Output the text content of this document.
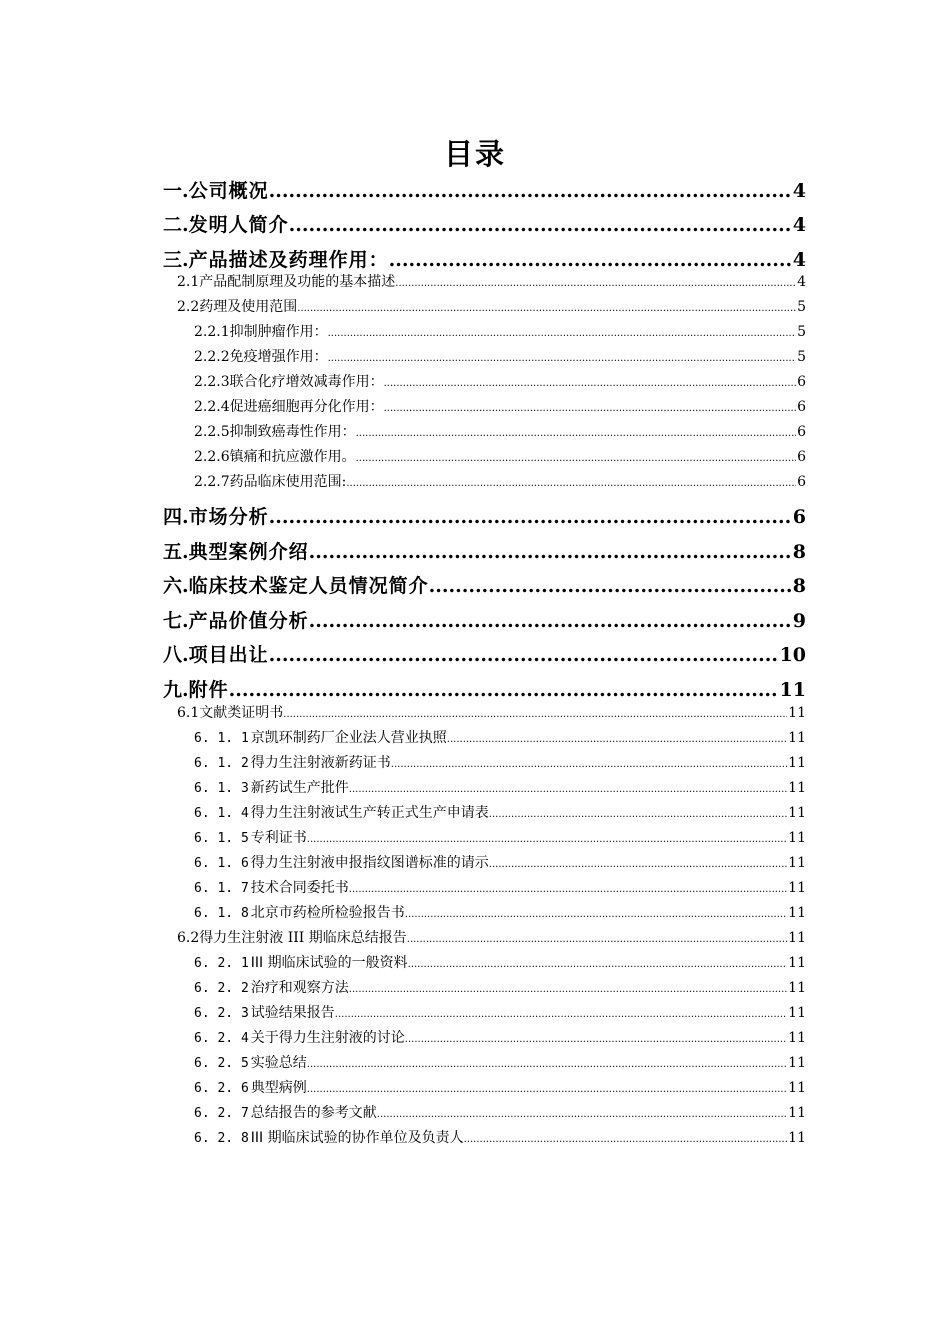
目录
一. 公司概况 .....	4
二. 发明人简介 .....	4
三. 产品描述及药理作用： .....	4
2.1 产品配制原理及功能的基本描述 .....	4
2.2 药理及使用范围 .....	5
2.2.1 抑制肿瘤作用： .....	5
2.2.2 免疫增强作用： .....	5
2.2.3 联合化疗增效减毒作用： .....	6
2.2.4 促进癌细胞再分化作用： .....	6
2.2.5 抑制致癌毒性作用： .....	6
2.2.6 镇痛和抗应激作用。 .....	6
2.2.7 药品临床使用范围: .....	6
四. 市场分析 .....	6
五. 典型案例介绍 .....	8
六. 临床技术鉴定人员情况简介 .....	8
七. 产品价值分析 .....	9
八. 项目出让 .....	10
九. 附件 .....	11
6.1 文献类证明书 .....	11
6. 1. 1 京凯环制药厂企业法人营业执照 .....	11
6. 1. 2 得力生注射液新药证书 .....	11
6. 1. 3 新药试生产批件 .....	11
6. 1. 4 得力生注射液试生产转正式生产申请表 .....	11
6. 1. 5 专利证书 .....	11
6. 1. 6 得力生注射液申报指纹图谱标准的请示 .....	11
6. 1. 7 技术合同委托书 .....	11
6. 1. 8 北京市药检所检验报告书 .....	11
6.2 得力生注射液 III 期临床总结报告 .....	11
6. 2. 1 III 期临床试验的一般资料 .....	11
6. 2. 2 治疗和观察方法 .....	11
6. 2. 3 试验结果报告 .....	11
6. 2. 4 关于得力生注射液的讨论 .....	11
6. 2. 5 实验总结 .....	11
6. 2. 6 典型病例 .....	11
6. 2. 7 总结报告的参考文献 .....	11
6. 2. 8 III 期临床试验的协作单位及负责人 .....	11
